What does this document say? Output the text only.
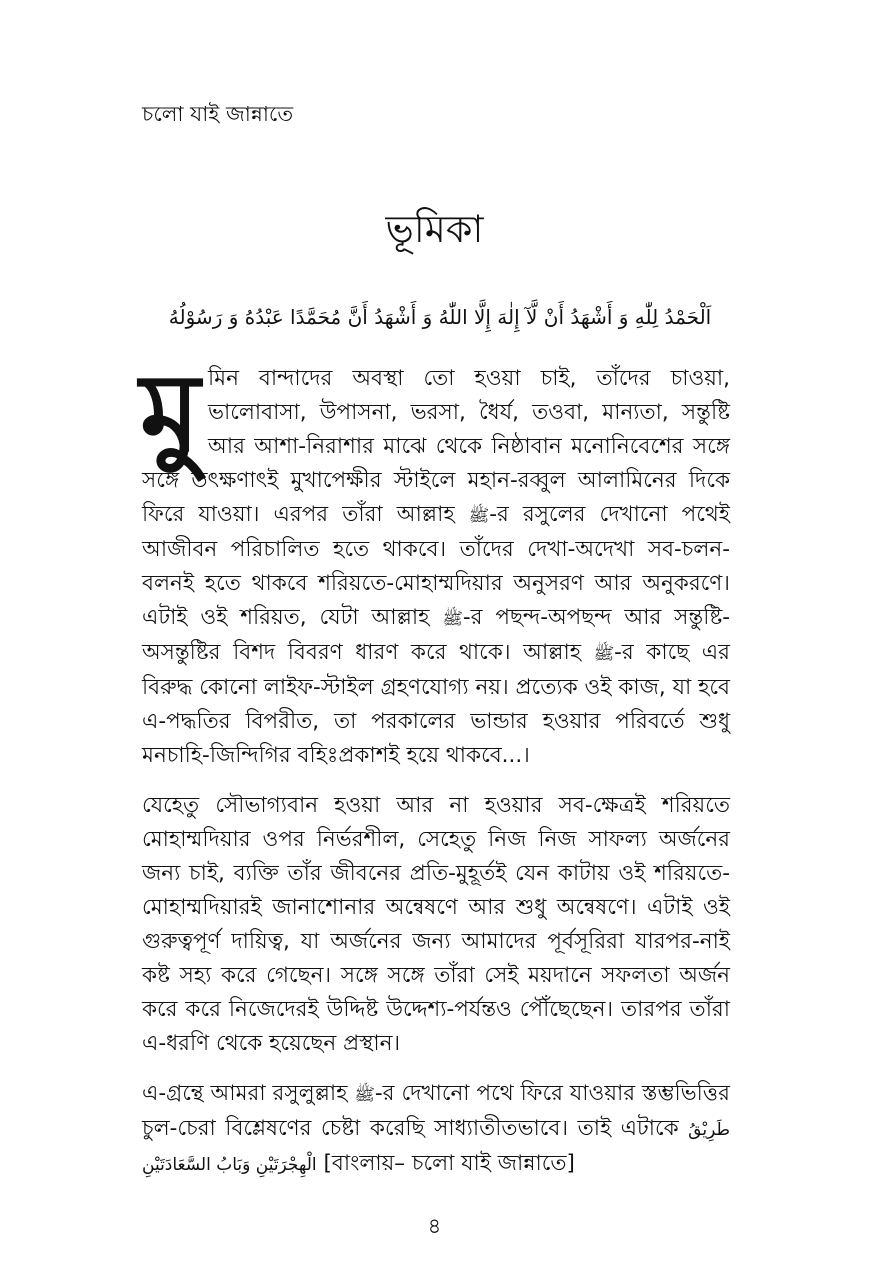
চলো যাই জান্নাতে
ভূমিকা
اَلْحَمْدُ لِلّٰهِ وَ أَشْهَدُ أَنْ لَّآ إِلٰهَ إِلَّا اللّٰهُ وَ أَشْهَدُ أَنَّ مُحَمَّدًا عَبْدُهُ وَ رَسُوْلُهُ

মুমিন বান্দাদের অবস্থা তো হওয়া চাই, তাঁদের চাওয়া, ভালোবাসা, উপাসনা, ভরসা, ধৈর্য, তওবা, মান্যতা, সন্তুষ্টি আর আশা-নিরাশার মাঝে থেকে নিষ্ঠাবান মনোনিবেশের সঙ্গে সঙ্গে তৎক্ষণাৎই মুখাপেক্ষীর স্টাইলে মহান-রব্বুল আলামিনের দিকে ফিরে যাওয়া। এরপর তাঁরা আল্লাহ ﷺ-র রসুলের দেখানো পথেই আজীবন পরিচালিত হতে থাকবে। তাঁদের দেখা-অদেখা সব-চলন-বলনই হতে থাকবে শরিয়তে-মোহাম্মদিয়ার অনুসরণ আর অনুকরণে। এটাই ওই শরিয়ত, যেটা আল্লাহ ﷺ-র পছন্দ-অপছন্দ আর সন্তুষ্টি-অসন্তুষ্টির বিশদ বিবরণ ধারণ করে থাকে। আল্লাহ ﷺ-র কাছে এর বিরুদ্ধ কোনো লাইফ-স্টাইল গ্রহণযোগ্য নয়। প্রত্যেক ওই কাজ, যা হবে এ-পদ্ধতির বিপরীত, তা পরকালের ভান্ডার হওয়ার পরিবর্তে শুধু মনচাহি-জিন্দিগির বহিঃপ্রকাশই হয়ে থাকবে...।

যেহেতু সৌভাগ্যবান হওয়া আর না হওয়ার সব-ক্ষেত্রই শরিয়তে মোহাম্মদিয়ার ওপর নির্ভরশীল, সেহেতু নিজ নিজ সাফল্য অর্জনের জন্য চাই, ব্যক্তি তাঁর জীবনের প্রতি-মুহূর্তই যেন কাটায় ওই শরিয়তে-মোহাম্মদিয়ারই জানাশোনার অন্বেষণে আর শুধু অন্বেষণে। এটাই ওই গুরুত্বপূর্ণ দায়িত্ব, যা অর্জনের জন্য আমাদের পূর্বসূরিরা যারপর-নাই কষ্ট সহ্য করে গেছেন। সঙ্গে সঙ্গে তাঁরা সেই ময়দানে সফলতা অর্জন করে করে নিজেদেরই উদ্দিষ্ট উদ্দেশ্য-পর্যন্তও পৌঁছেছেন। তারপর তাঁরা এ-ধরণি থেকে হয়েছেন প্রস্থান।

এ-গ্রন্থে আমরা রসুলুল্লাহ ﷺ-র দেখানো পথে ফিরে যাওয়ার স্তম্ভভিত্তির চুল-চেরা বিশ্লেষণের চেষ্টা করেছি সাধ্যাতীতভাবে। তাই এটাকে طَرِيْقُ الْهِجْرَتَيْنِ وَبَابُ السَّعَادَتَيْنِ [বাংলায়– চলো যাই জান্নাতে]

৪
